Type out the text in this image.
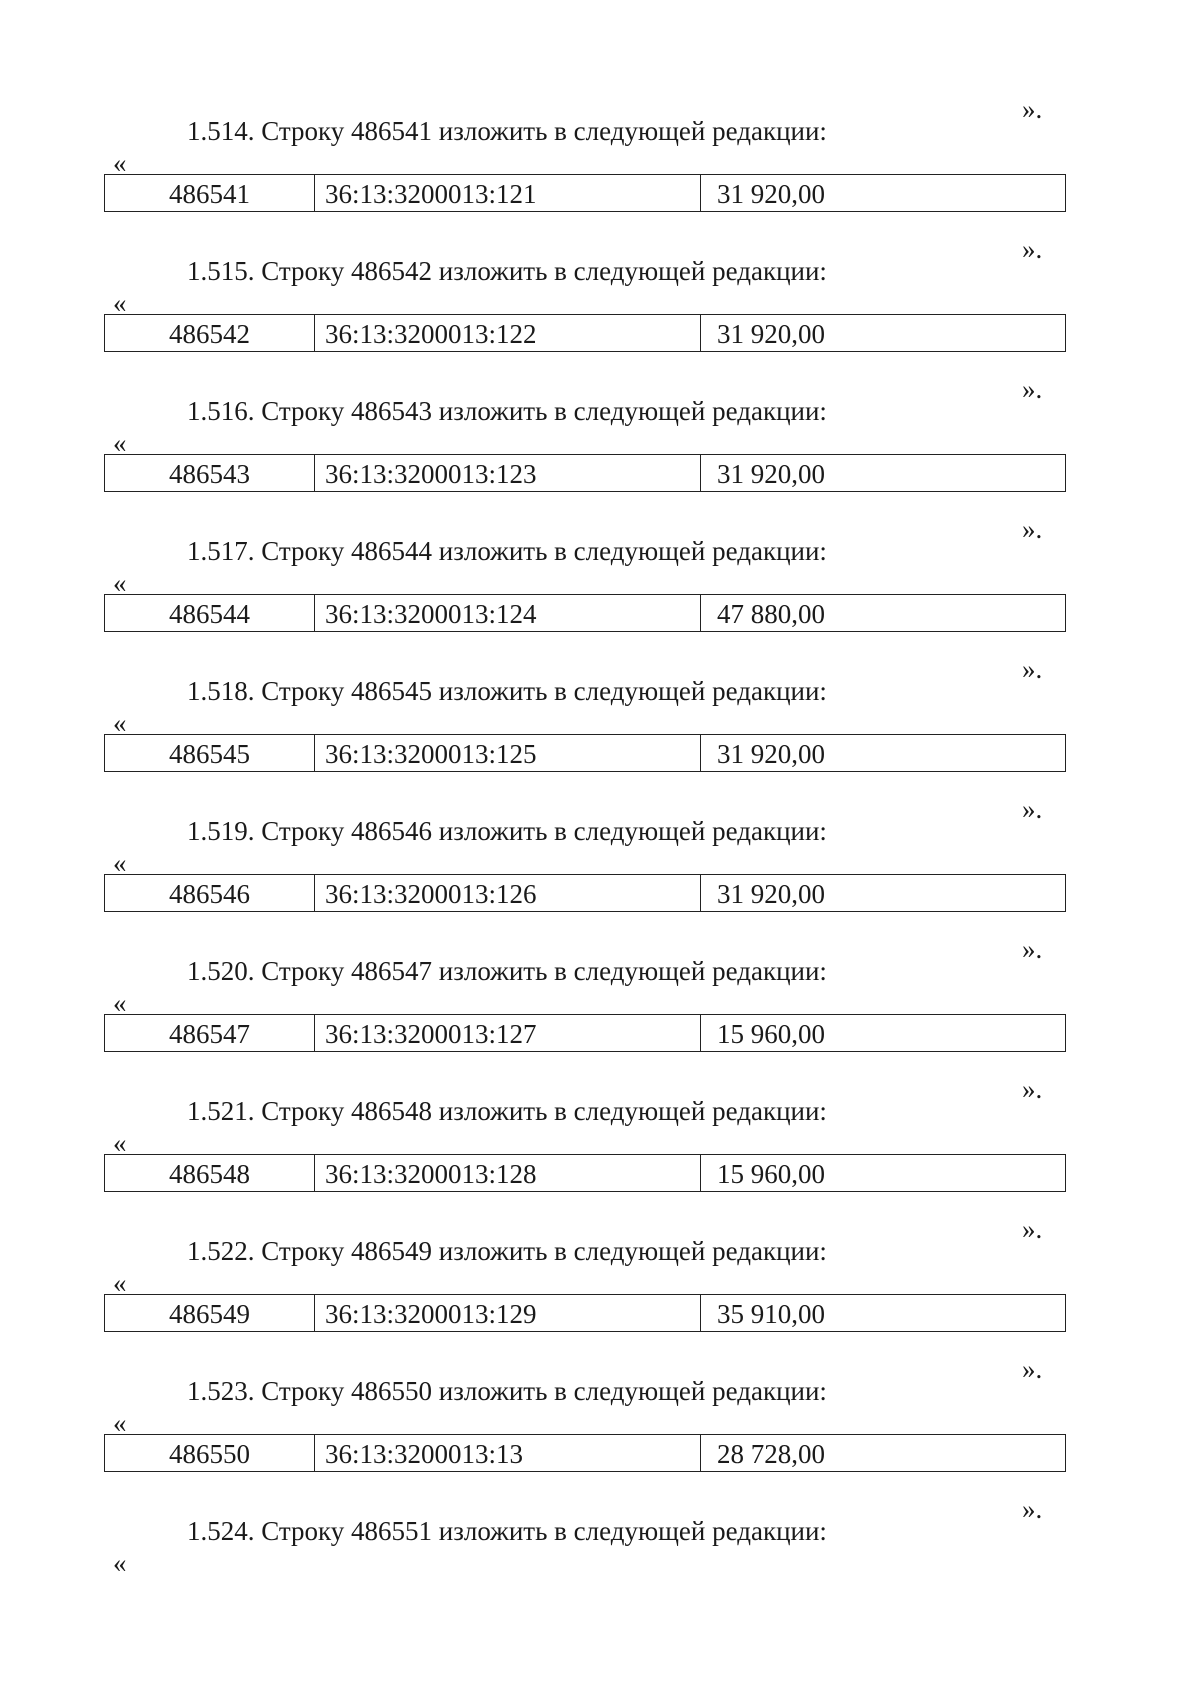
».
1.514. Строку 486541 изложить в следующей редакции:
«
486541	36:13:3200013:121	31 920,00
».
1.515. Строку 486542 изложить в следующей редакции:
«
486542	36:13:3200013:122	31 920,00
».
1.516. Строку 486543 изложить в следующей редакции:
«
486543	36:13:3200013:123	31 920,00
».
1.517. Строку 486544 изложить в следующей редакции:
«
486544	36:13:3200013:124	47 880,00
».
1.518. Строку 486545 изложить в следующей редакции:
«
486545	36:13:3200013:125	31 920,00
».
1.519. Строку 486546 изложить в следующей редакции:
«
486546	36:13:3200013:126	31 920,00
».
1.520. Строку 486547 изложить в следующей редакции:
«
486547	36:13:3200013:127	15 960,00
».
1.521. Строку 486548 изложить в следующей редакции:
«
486548	36:13:3200013:128	15 960,00
».
1.522. Строку 486549 изложить в следующей редакции:
«
486549	36:13:3200013:129	35 910,00
».
1.523. Строку 486550 изложить в следующей редакции:
«
486550	36:13:3200013:13	28 728,00
».
1.524. Строку 486551 изложить в следующей редакции:
«
